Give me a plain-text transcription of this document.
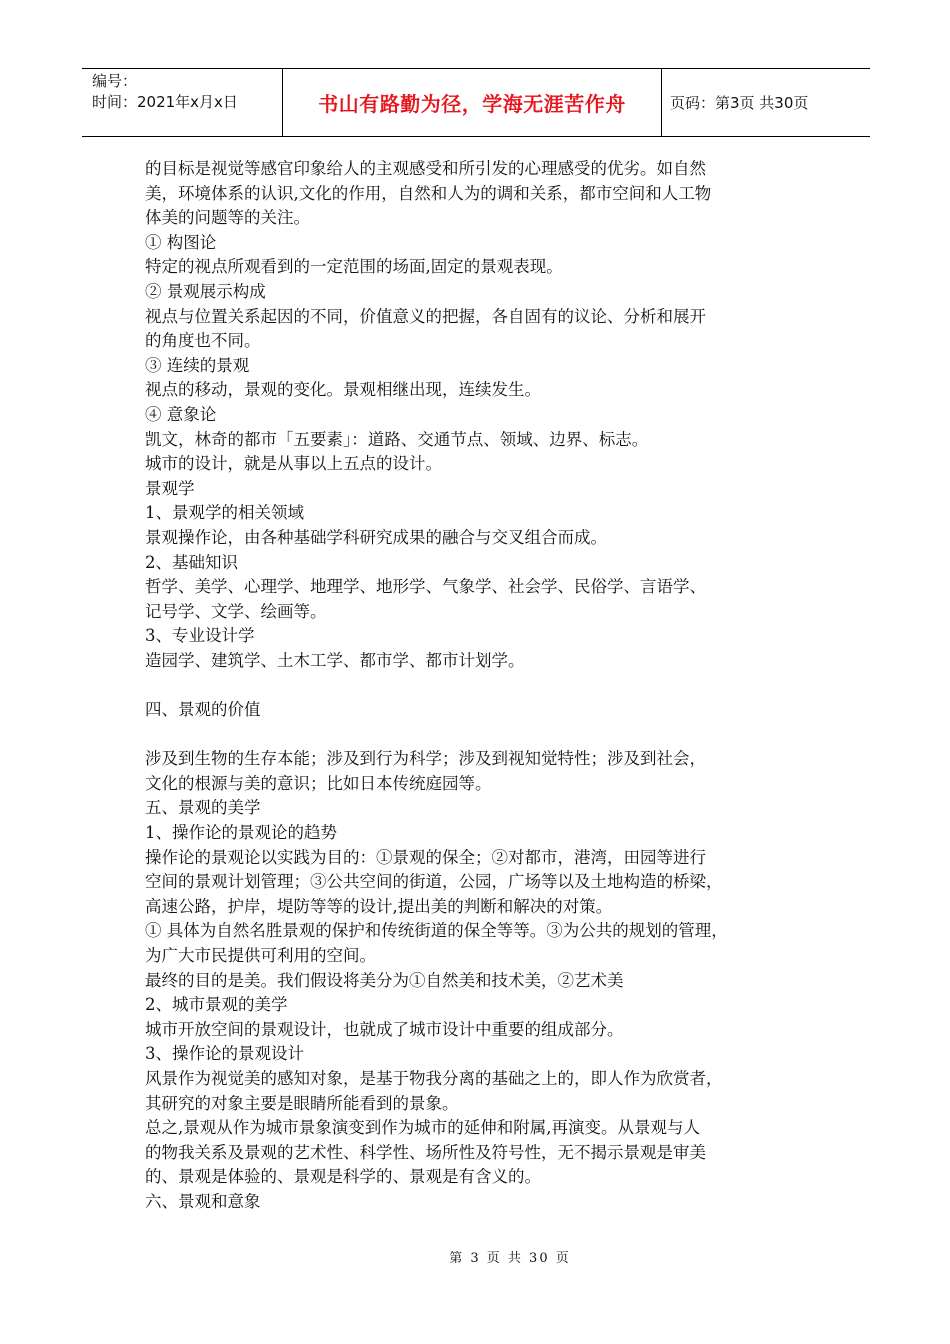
编号：
时间：2021年x月x日	书山有路勤为径，学海无涯苦作舟	页码：第3页 共30页

的目标是视觉等感官印象给人的主观感受和所引发的心理感受的优劣。如自然

美，环境体系的认识,文化的作用，自然和人为的调和关系，都市空间和人工物

体美的问题等的关注。

① 构图论

特定的视点所观看到的一定范围的场面,固定的景观表现。

② 景观展示构成

视点与位置关系起因的不同，价值意义的把握，各自固有的议论、分析和展开

的角度也不同。

③ 连续的景观

视点的移动，景观的变化。景观相继出现，连续发生。

④ 意象论

凯文，林奇的都市「五要素」：道路、交通节点、领域、边界、标志。

城市的设计，就是从事以上五点的设计。

景观学

1、景观学的相关领域

景观操作论，由各种基础学科研究成果的融合与交叉组合而成。

2、基础知识

哲学、美学、心理学、地理学、地形学、气象学、社会学、民俗学、言语学、

记号学、文学、绘画等。

3、专业设计学

造园学、建筑学、土木工学、都市学、都市计划学。

四、景观的价值

涉及到生物的生存本能；涉及到行为科学；涉及到视知觉特性；涉及到社会，

文化的根源与美的意识；比如日本传统庭园等。

五、景观的美学

1、操作论的景观论的趋势

操作论的景观论以实践为目的：①景观的保全；②对都市，港湾，田园等进行

空间的景观计划管理；③公共空间的街道，公园，广场等以及土地构造的桥梁，

高速公路，护岸，堤防等等的设计,提出美的判断和解决的对策。

① 具体为自然名胜景观的保护和传统街道的保全等等。③为公共的规划的管理，

为广大市民提供可利用的空间。

最终的目的是美。我们假设将美分为①自然美和技术美，②艺术美

2、城市景观的美学

城市开放空间的景观设计，也就成了城市设计中重要的组成部分。

3、操作论的景观设计

风景作为视觉美的感知对象，是基于物我分离的基础之上的，即人作为欣赏者，

其研究的对象主要是眼睛所能看到的景象。

总之,景观从作为城市景象演变到作为城市的延伸和附属,再演变。从景观与人

的物我关系及景观的艺术性、科学性、场所性及符号性，无不揭示景观是审美

的、景观是体验的、景观是科学的、景观是有含义的。

六、景观和意象

第 3 页 共 30 页
